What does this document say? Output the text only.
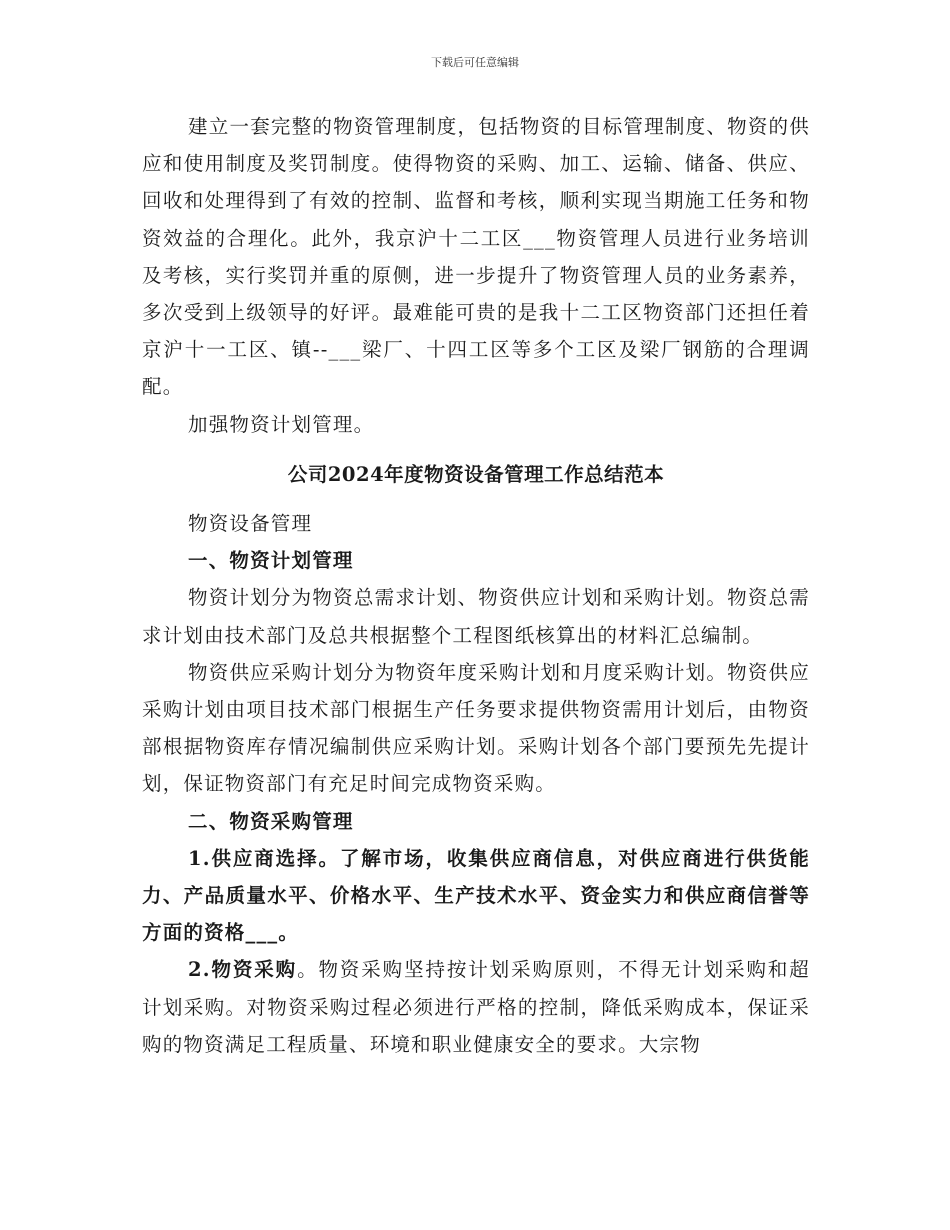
下载后可任意编辑

建立一套完整的物资管理制度，包括物资的目标管理制度、物资的供应和使用制度及奖罚制度。使得物资的采购、加工、运输、储备、供应、回收和处理得到了有效的控制、监督和考核，顺利实现当期施工任务和物资效益的合理化。此外，我京沪十二工区___物资管理人员进行业务培训及考核，实行奖罚并重的原侧，进一步提升了物资管理人员的业务素养，多次受到上级领导的好评。最难能可贵的是我十二工区物资部门还担任着京沪十一工区、镇--___梁厂、十四工区等多个工区及梁厂钢筋的合理调配。

加强物资计划管理。

公司2024年度物资设备管理工作总结范本

物资设备管理

一、物资计划管理

物资计划分为物资总需求计划、物资供应计划和采购计划。物资总需求计划由技术部门及总共根据整个工程图纸核算出的材料汇总编制。

物资供应采购计划分为物资年度采购计划和月度采购计划。物资供应采购计划由项目技术部门根据生产任务要求提供物资需用计划后，由物资部根据物资库存情况编制供应采购计划。采购计划各个部门要预先先提计划，保证物资部门有充足时间完成物资采购。

二、物资采购管理

1.供应商选择。了解市场，收集供应商信息，对供应商进行供货能力、产品质量水平、价格水平、生产技术水平、资金实力和供应商信誉等方面的资格___。

2.物资采购。物资采购坚持按计划采购原则，不得无计划采购和超计划采购。对物资采购过程必须进行严格的控制，降低采购成本，保证采购的物资满足工程质量、环境和职业健康安全的要求。大宗物
